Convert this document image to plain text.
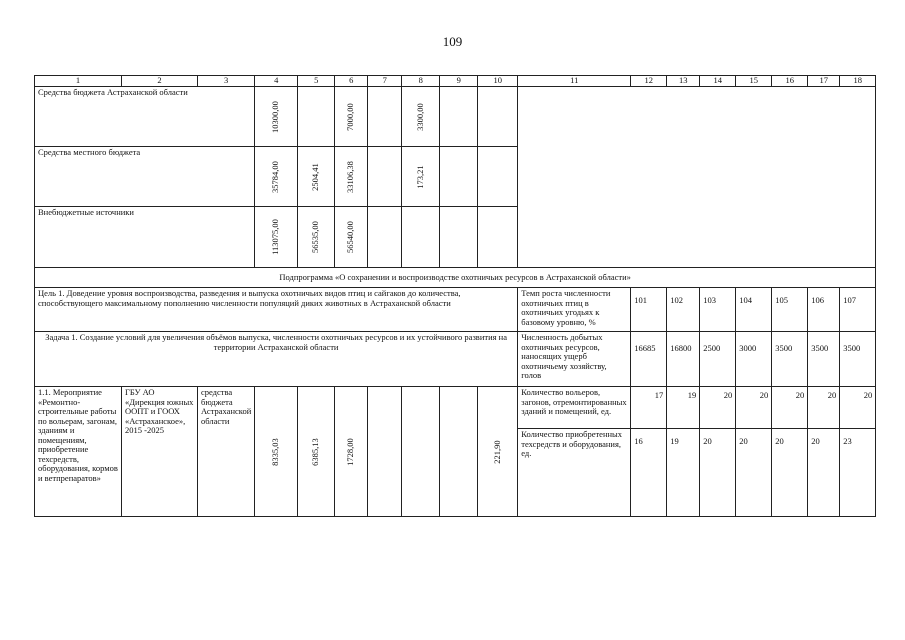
109
1	2	3	4	5	6	7	8	9	10	11	12	13	14	15	16	17	18
Средства бюджета Астраханской области			10300,00		7000,00		3300,00										

Средства местного бюджета			35784,00	2504,41	33106,38		173,21										

Внебюджетные источники			113075,00	56535,00	56540,00												

Подпрограмма «О сохранении и воспроизводстве охотничьих ресурсов в Астраханской области»																	
Цель 1. Доведение уровня воспроизводства, разведения и выпуска охотничьих видов птиц и сайгаков до количества, способствующего максимальному пополнению численности популяций диких животных в Астраханской области										Темп роста численности охотничьих птиц в охотничьих угодьях к базовому уровню, %	101	102	103	104	105	106	107
Задача 1. Создание условий для увеличения объёмов выпуска, численности охотничьих ресурсов и их устойчивого развития на территории Астраханской области										Численность добытых охотничьих ресурсов, наносящих ущерб охотничьему хозяйству, голов	16685	16800	2500	3000	3500	3500	3500
1.1. Мероприятие «Ремонтно-строительные работы по вольерам, загонам, зданиям и помещениям, приобретение техсредств, оборудования, кормов и ветпрепаратов»	ГБУ АО «Дирекция южных ООПТ и ГООХ «Астраханское», 2015 -2025	средства бюджета Астраханской области	8335,03	6385,13	1728,00				221,90	Количество вольеров, загонов, отремонтированных зданий и помещений, ед.	17	19	20	20	20	20	20
										Количество приобретенных техсредств и оборудования, ед.	16	19	20	20	20	20	23
